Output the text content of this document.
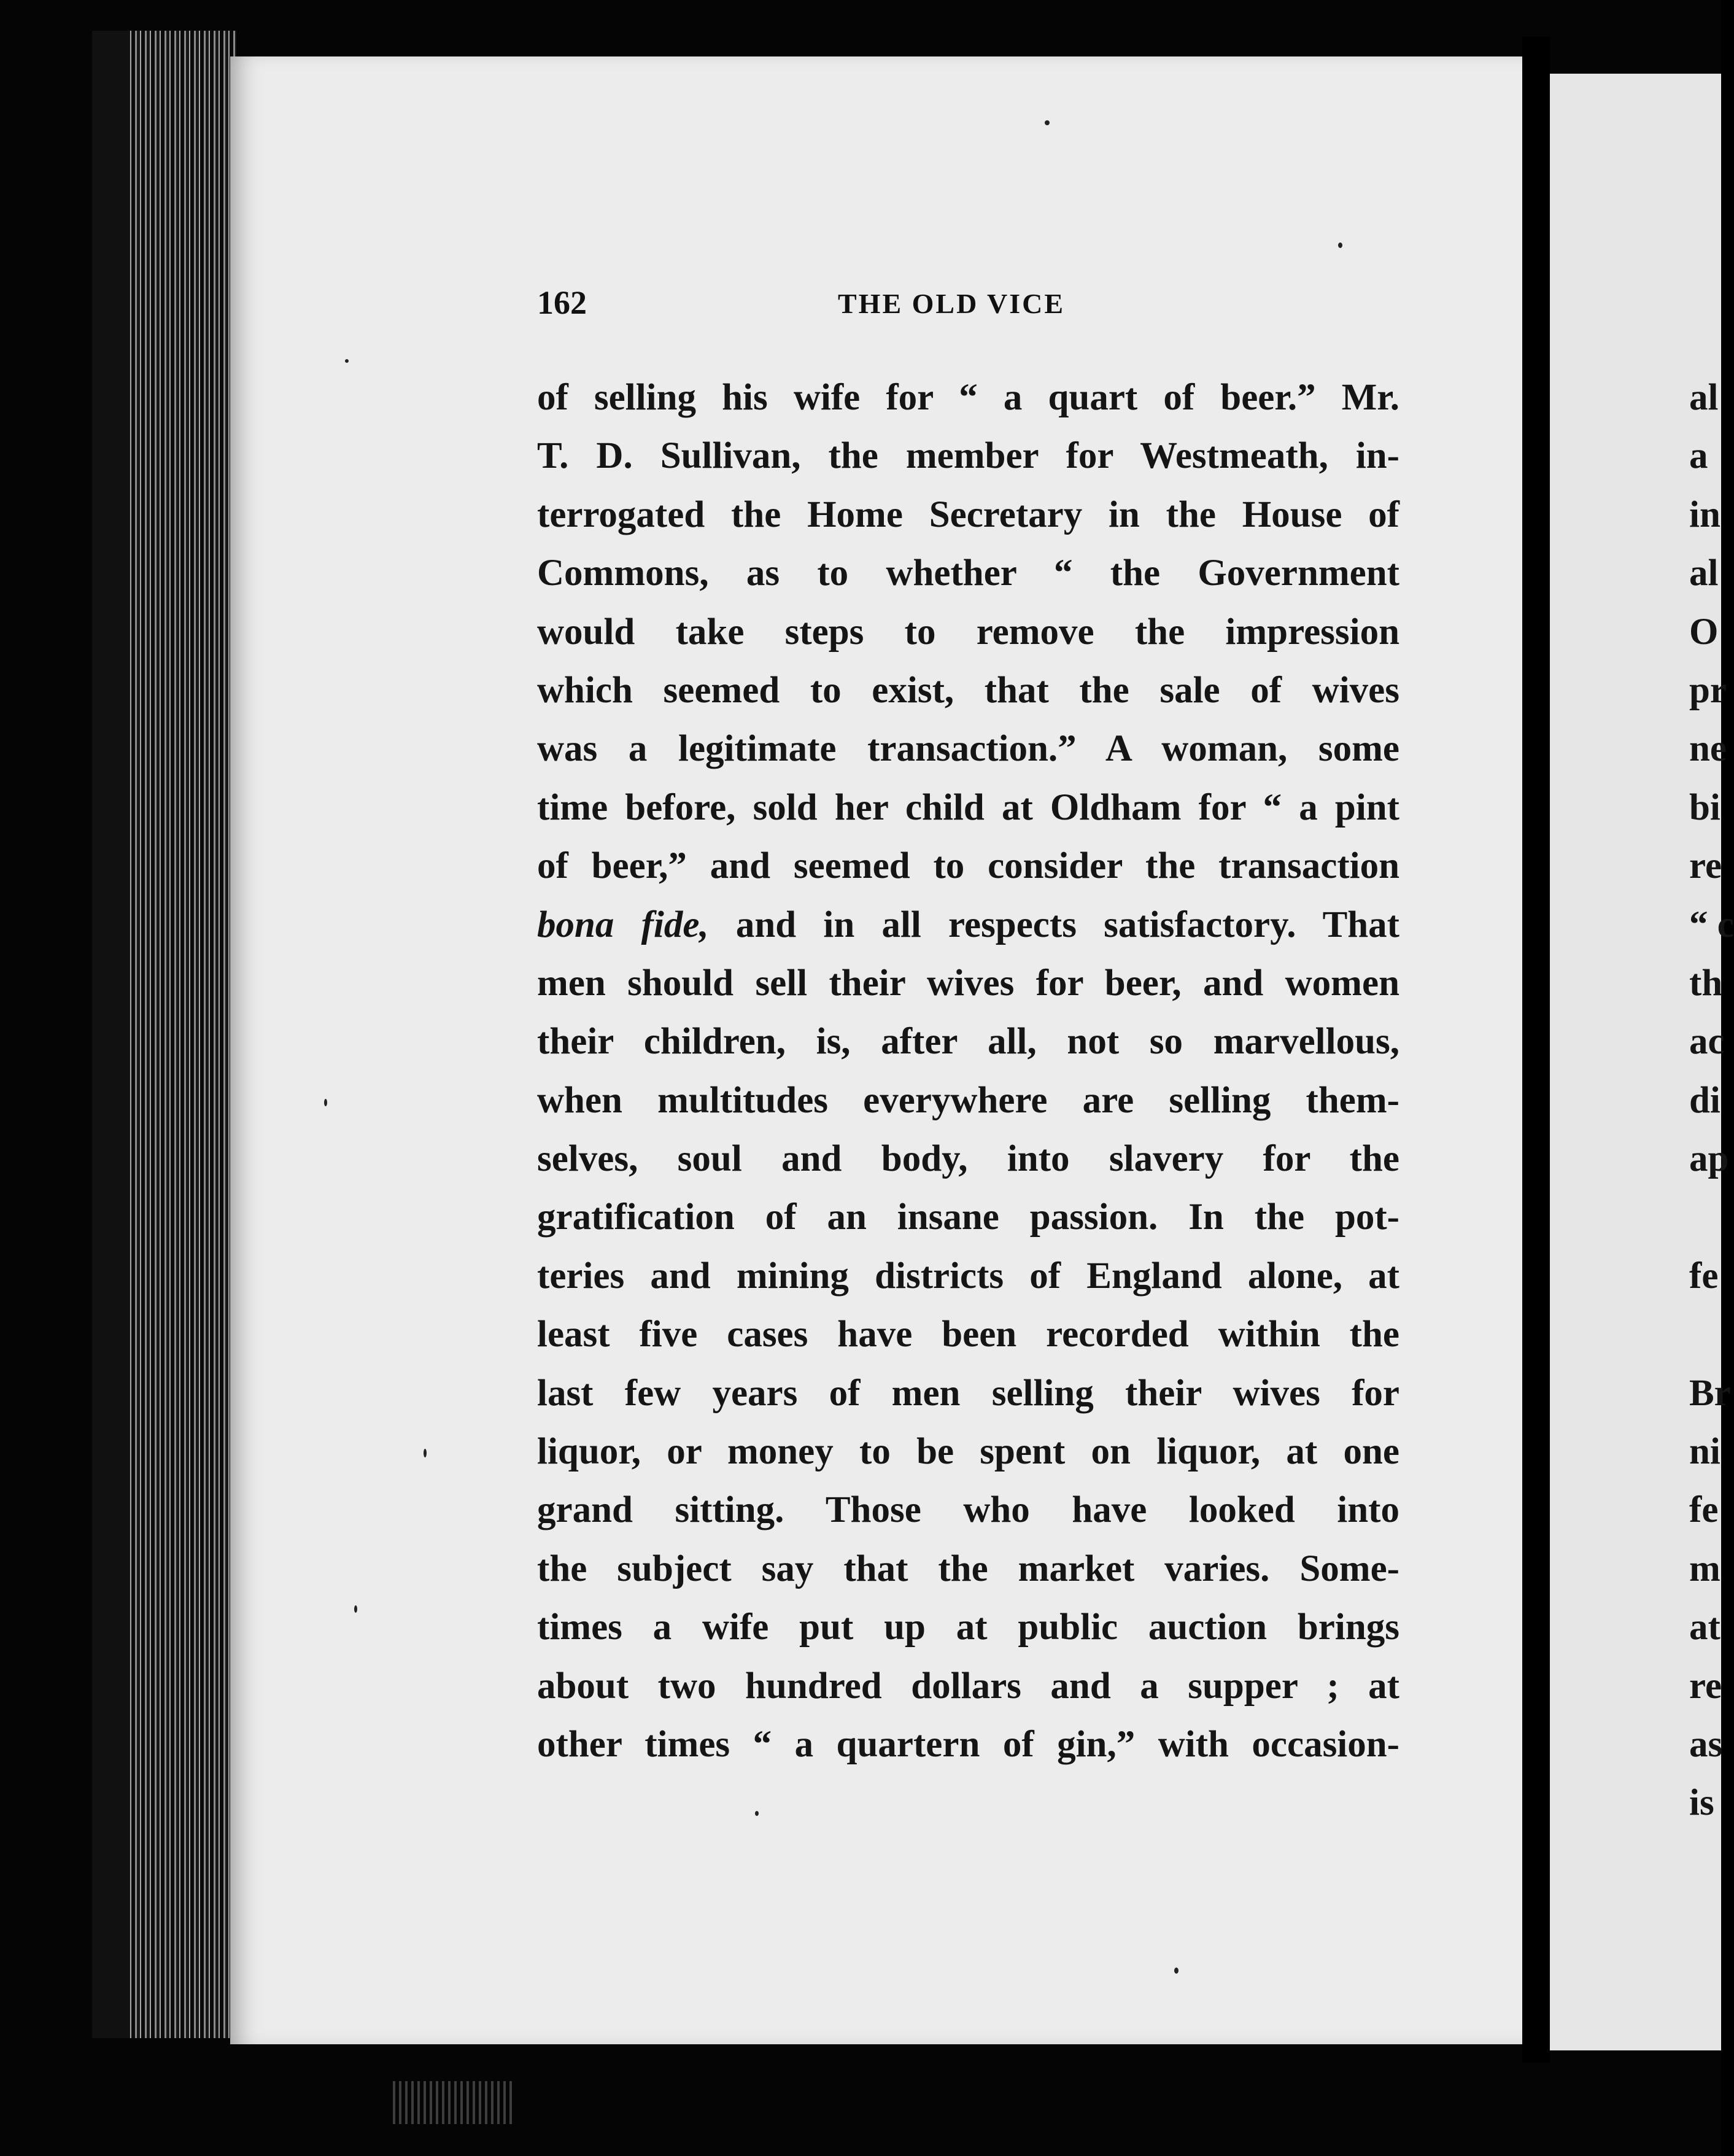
162	THE OLD VICE
of selling his wife for “ a quart of beer.” Mr.
T. D. Sullivan, the member for Westmeath, in-
terrogated the Home Secretary in the House of
Commons, as to whether “ the Government
would take steps to remove the impression
which seemed to exist, that the sale of wives
was a legitimate transaction.” A woman, some
time before, sold her child at Oldham for “ a pint
of beer,” and seemed to consider the transaction
bona fide, and in all respects satisfactory. That
men should sell their wives for beer, and women
their children, is, after all, not so marvellous,
when multitudes everywhere are selling them-
selves, soul and body, into slavery for the
gratification of an insane passion. In the pot-
teries and mining districts of England alone, at
least five cases have been recorded within the
last few years of men selling their wives for
liquor, or money to be spent on liquor, at one
grand sitting. Those who have looked into
the subject say that the market varies. Some-
times a wife put up at public auction brings
about two hundred dollars and a supper ; at
other times “ a quartern of gin,” with occasion-
al
a
in
al
O
pr
ne
bi
re
“ c
th
ac
di
ap
fe
Br
ni
fe
m
at
re
as
is
